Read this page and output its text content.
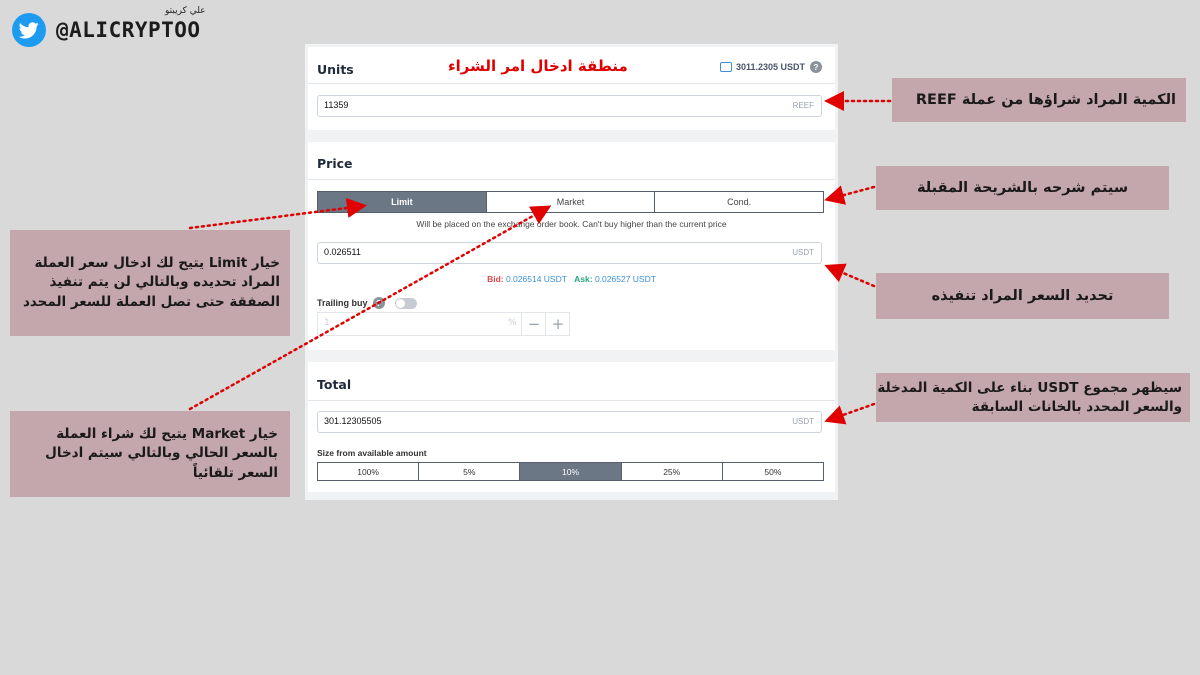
@ALICRYPTOO
علي كريبتو
Units	منطقة ادخال امر الشراء	3011.2305 USDT	?
11359	REEF
Price
Limit	Market	Cond.
Will be placed on the exchange order book. Can't buy higher than the current price
0.026511	USDT
Bid: 0.026514 USDT Ask: 0.026527 USDT
Trailing buy	?
1	% − +
Total
301.12305505	USDT
Size from available amount
100%	5%	10%	25%	50%
الكمية المراد شراؤها من عملة REEF
سيتم شرحه بالشريحة المقبلة
تحديد السعر المراد تنفيذه
سيظهر مجموع USDT بناء على الكمية المدخلة والسعر المحدد بالخانات السابقة
خيار Limit يتيح لك ادخال سعر العملة المراد تحديده وبالتالي لن يتم تنفيذ الصفقة حتى تصل العملة للسعر المحدد
خيار Market يتيح لك شراء العملة بالسعر الحالي وبالتالي سيتم ادخال السعر تلقائياً
